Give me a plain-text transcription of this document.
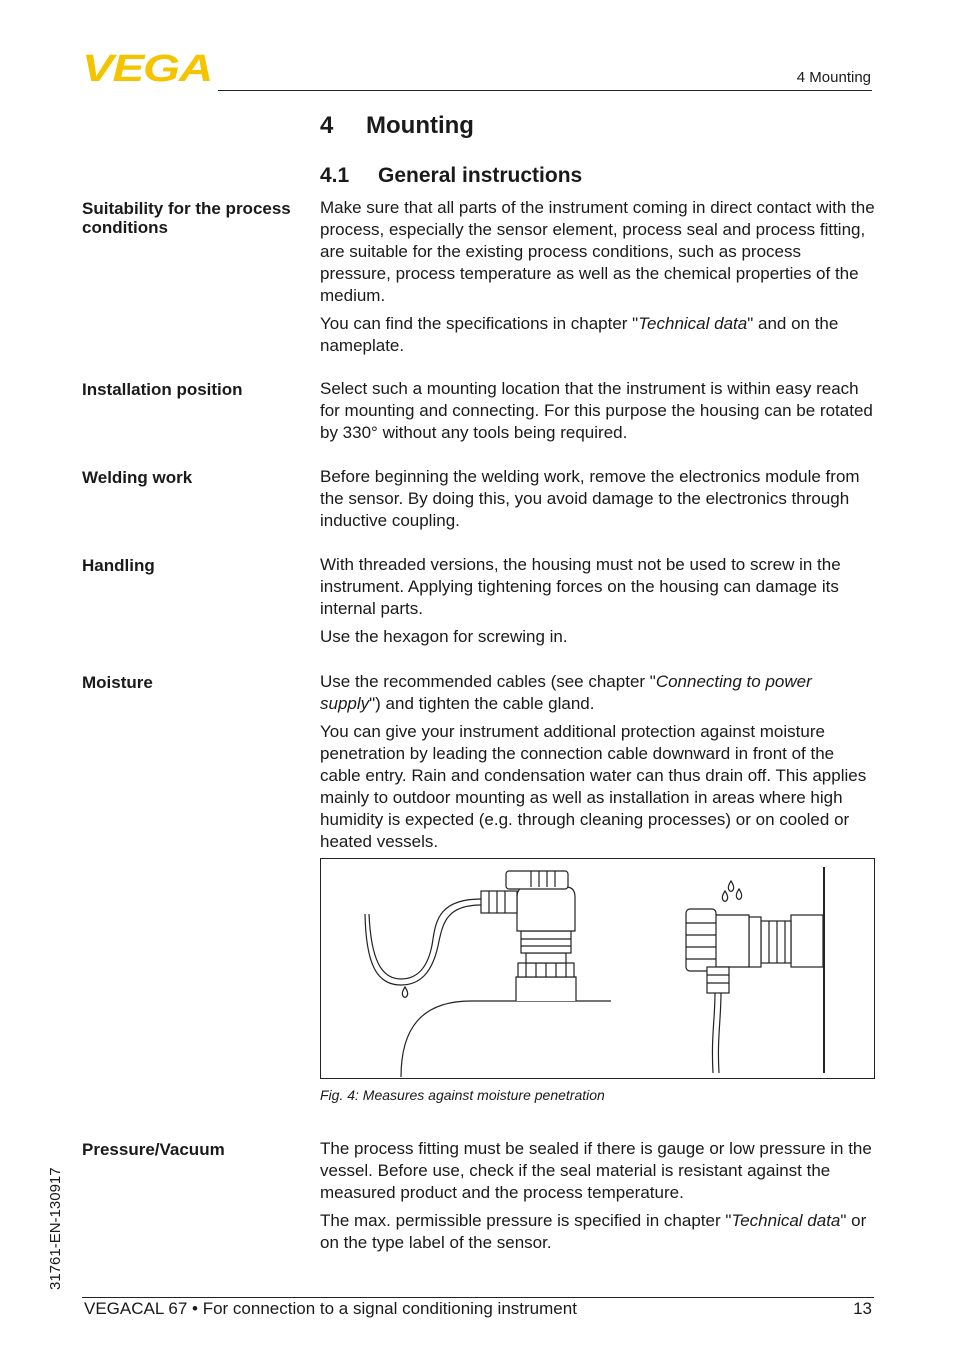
VEGA	4 Mounting
4 Mounting
4.1 General instructions
Suitability for the process conditions

Make sure that all parts of the instrument coming in direct contact with the process, especially the sensor element, process seal and process fitting, are suitable for the existing process conditions, such as process pressure, process temperature as well as the chemical properties of the medium.

You can find the specifications in chapter "Technical data" and on the nameplate.

Installation position	Select such a mounting location that the instrument is within easy reach for mounting and connecting. For this purpose the housing can be rotated by 330° without any tools being required.

Welding work	Before beginning the welding work, remove the electronics module from the sensor. By doing this, you avoid damage to the electronics through inductive coupling.

Handling	With threaded versions, the housing must not be used to screw in the instrument. Applying tightening forces on the housing can damage its internal parts.

Use the hexagon for screwing in.

Moisture	Use the recommended cables (see chapter "Connecting to power supply") and tighten the cable gland.

You can give your instrument additional protection against moisture penetration by leading the connection cable downward in front of the cable entry. Rain and condensation water can thus drain off. This applies mainly to outdoor mounting as well as installation in areas where high humidity is expected (e.g. through cleaning processes) or on cooled or heated vessels.

Fig. 4: Measures against moisture penetration
Pressure/Vacuum	The process fitting must be sealed if there is gauge or low pressure in the vessel. Before use, check if the seal material is resistant against the measured product and the process temperature.

The max. permissible pressure is specified in chapter "Technical data" or on the type label of the sensor.

31761-EN-130917
VEGACAL 67 • For connection to a signal conditioning instrument	13
